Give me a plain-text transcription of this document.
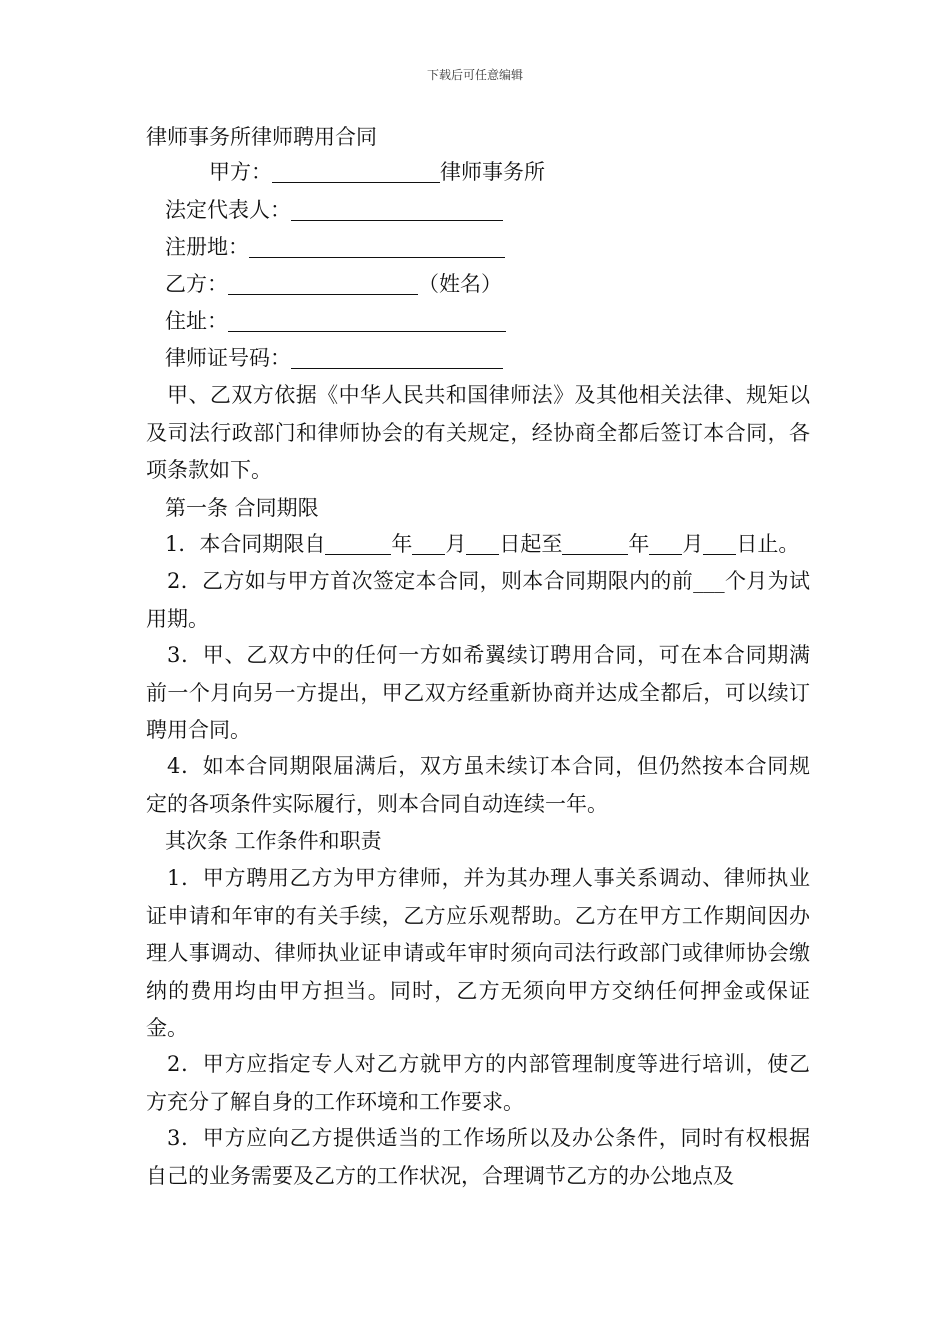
下载后可任意编辑
律师事务所律师聘用合同
甲方：	律师事务所
法定代表人：
注册地：
乙方：	（姓名）
住址：
律师证号码：
甲、乙双方依据《中华人民共和国律师法》及其他相关法律、规矩以及司法行政部门和律师协会的有关规定，经协商全都后签订本合同，各项条款如下。
第一条 合同期限
1．本合同期限自	年 月 日起至	年 月 日止。
2．乙方如与甲方首次签定本合同，则本合同期限内的前___个月为试用期。
3．甲、乙双方中的任何一方如希翼续订聘用合同，可在本合同期满前一个月向另一方提出，甲乙双方经重新协商并达成全都后，可以续订聘用合同。
4．如本合同期限届满后，双方虽未续订本合同，但仍然按本合同规定的各项条件实际履行，则本合同自动连续一年。
其次条 工作条件和职责
1．甲方聘用乙方为甲方律师，并为其办理人事关系调动、律师执业证申请和年审的有关手续，乙方应乐观帮助。乙方在甲方工作期间因办理人事调动、律师执业证申请或年审时须向司法行政部门或律师协会缴纳的费用均由甲方担当。同时，乙方无须向甲方交纳任何押金或保证金。
2．甲方应指定专人对乙方就甲方的内部管理制度等进行培训，使乙方充分了解自身的工作环境和工作要求。
3．甲方应向乙方提供适当的工作场所以及办公条件，同时有权根据自己的业务需要及乙方的工作状况，合理调节乙方的办公地点及
